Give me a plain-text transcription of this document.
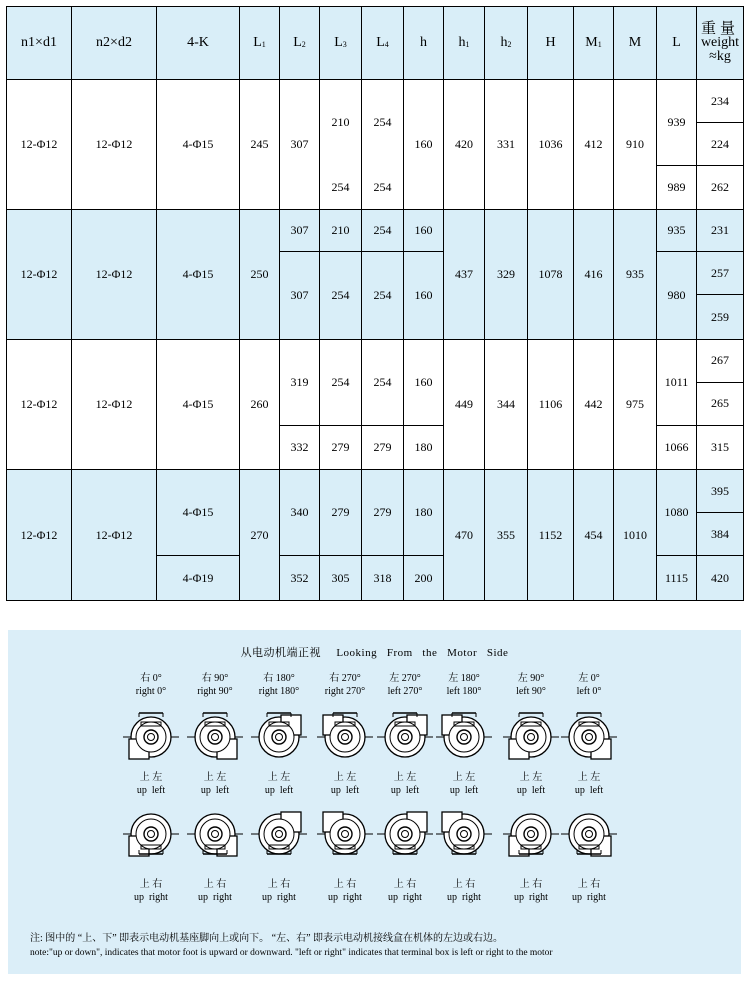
n1×d1	n2×d2	4-K	$L_1$	$L_2$	$L_3$	$L_4$	h	$h_1$	$h_2$	H	$M_1$	M	L	重量
weight
≈kg

12-Φ12	12-Φ12	4-Φ15	245	307	210	254	160	420	331	1036	412	910	939	234
														224
					254	254							989	262
12-Φ12	12-Φ12	4-Φ15	250	307	210	254	160	437	329	1078	416	935	935	231
				307	254	254	160						980	257
														259
12-Φ12	12-Φ12	4-Φ15	260	319	254	254	160	449	344	1106	442	975	1011	267
														265
				332	279	279	180						1066	315
12-Φ12	12-Φ12	4-Φ15	270	340	279	279	180	470	355	1152	454	1010	1080	395
														384
		4-Φ19		352	305	318	200						1115	420
从电动机端正视 Looking   From   the   Motor   Side
右 0°
right 0°
右 90°
right 90°
右 180°
right 180°
右 270°
right 270°
左 270°
left 270°
左 180°
left 180°
左 90°
left 90°
左 0°
left 0°
上 左
up  left
上 左
up  left
上 左
up  left
上 左
up  left
上 左
up  left
上 左
up  left
上 左
up  left
上 左
up  left
上 右
up  right
上 右
up  right
上 右
up  right
上 右
up  right
上 右
up  right
上 右
up  right
上 右
up  right
上 右
up  right
注: 图中的 “上、下” 即表示电动机基座脚向上或向下。 “左、右” 即表示电动机接线盒在机体的左边或右边。
note:"up or down", indicates that motor foot is upward or downward. "left or right" indicates that terminal box is left or right to the motor
